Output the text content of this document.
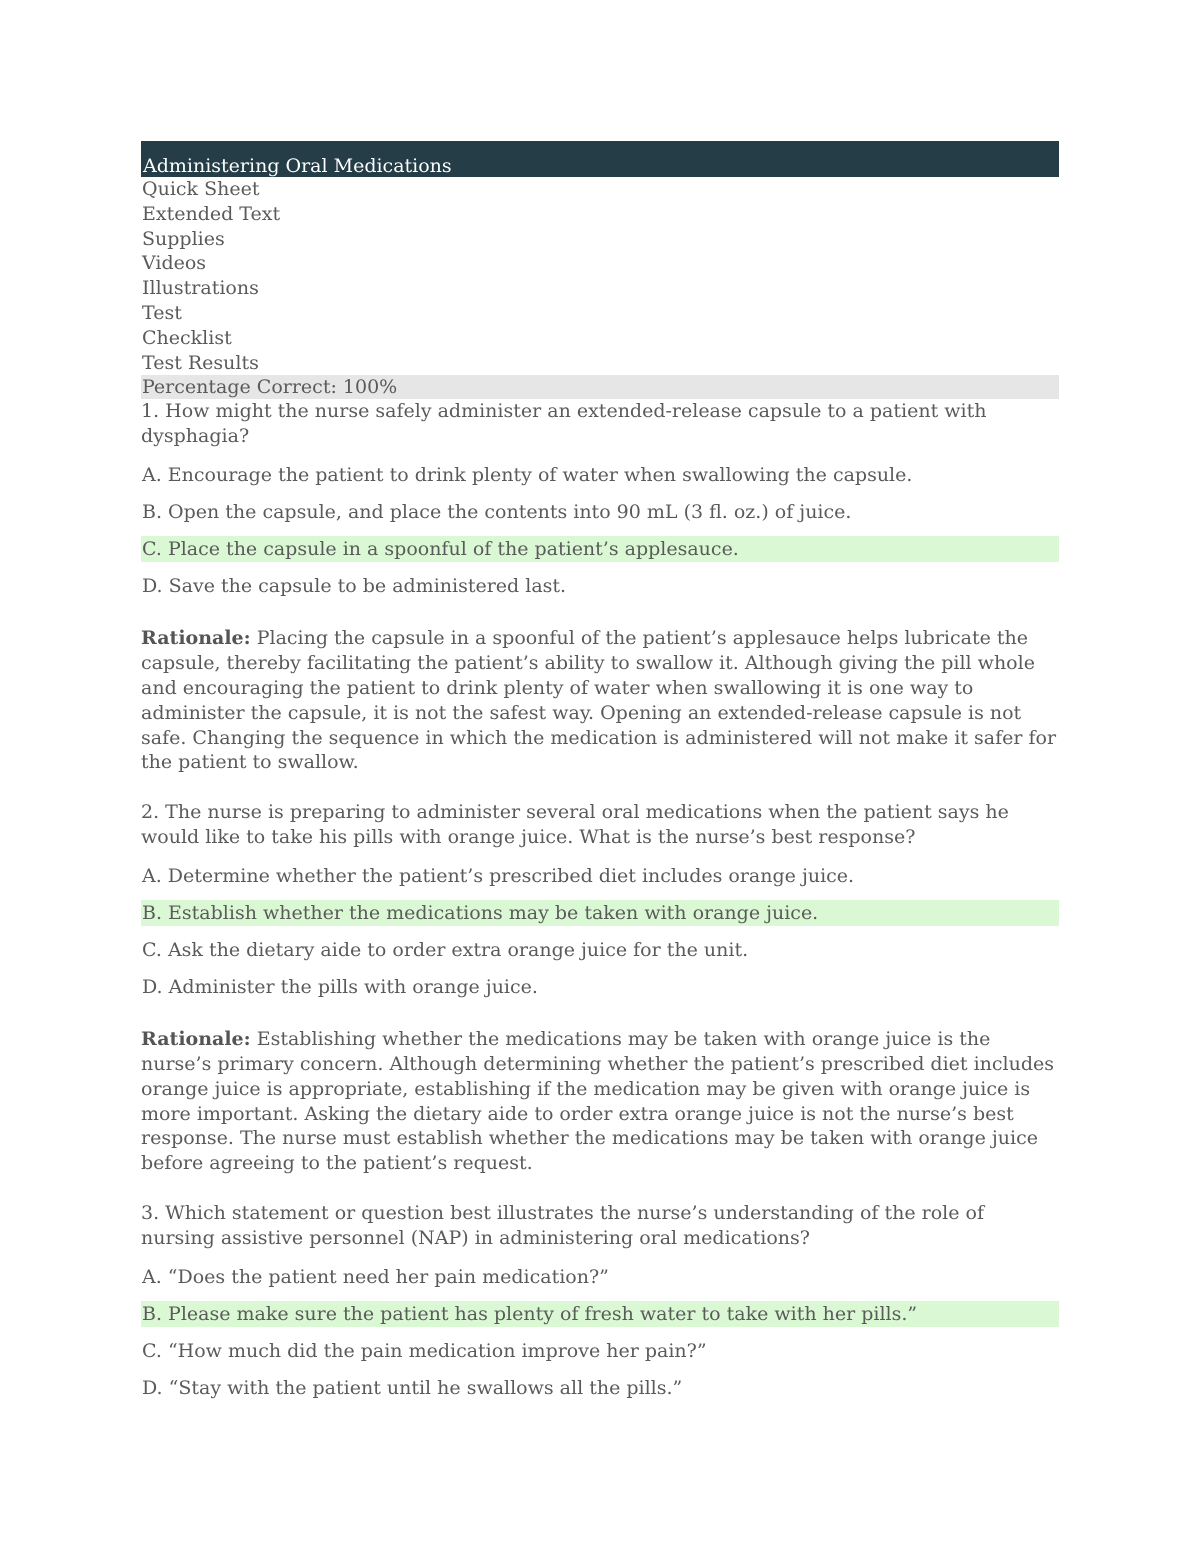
Administering Oral Medications
Quick Sheet
Extended Text
Supplies
Videos
Illustrations
Test
Checklist
Test Results
Percentage Correct: 100%
1. How might the nurse safely administer an extended-release capsule to a patient with dysphagia?
A. Encourage the patient to drink plenty of water when swallowing the capsule.
B. Open the capsule, and place the contents into 90 mL (3 fl. oz.) of juice.
C. Place the capsule in a spoonful of the patient’s applesauce.
D. Save the capsule to be administered last.
Rationale: Placing the capsule in a spoonful of the patient’s applesauce helps lubricate the capsule, thereby facilitating the patient’s ability to swallow it. Although giving the pill whole and encouraging the patient to drink plenty of water when swallowing it is one way to administer the capsule, it is not the safest way. Opening an extended-release capsule is not safe. Changing the sequence in which the medication is administered will not make it safer for the patient to swallow.
2. The nurse is preparing to administer several oral medications when the patient says he would like to take his pills with orange juice. What is the nurse’s best response?
A. Determine whether the patient’s prescribed diet includes orange juice.
B. Establish whether the medications may be taken with orange juice.
C. Ask the dietary aide to order extra orange juice for the unit.
D. Administer the pills with orange juice.
Rationale: Establishing whether the medications may be taken with orange juice is the nurse’s primary concern. Although determining whether the patient’s prescribed diet includes orange juice is appropriate, establishing if the medication may be given with orange juice is more important. Asking the dietary aide to order extra orange juice is not the nurse’s best response. The nurse must establish whether the medications may be taken with orange juice before agreeing to the patient’s request.
3. Which statement or question best illustrates the nurse’s understanding of the role of nursing assistive personnel (NAP) in administering oral medications?
A. “Does the patient need her pain medication?”
B. Please make sure the patient has plenty of fresh water to take with her pills.”
C. “How much did the pain medication improve her pain?”
D. “Stay with the patient until he swallows all the pills.”
